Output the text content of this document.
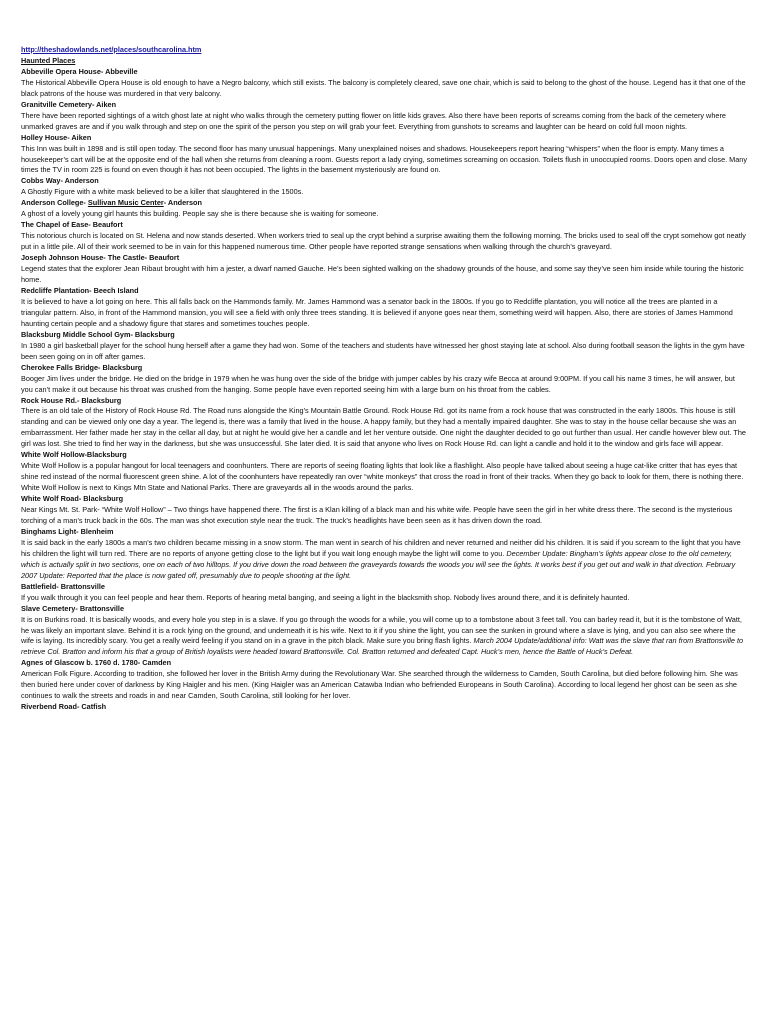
http://theshadowlands.net/places/southcarolina.htm
Haunted Places
Abbeville Opera House- Abbeville

The Historical Abbeville Opera House is old enough to have a Negro balcony, which still exists. The balcony is completely cleared, save one chair, which is said to belong to the ghost of the house. Legend has it that one of the black patrons of the house was murdered in that very balcony.

Granitville Cemetery- Aiken

There have been reported sightings of a witch ghost late at night who walks through the cemetery putting flower on little kids graves. Also there have been reports of screams coming from the back of the cemetery where unmarked graves are and if you walk through and step on one the spirit of the person you step on will grab your feet. Everything from gunshots to screams and laughter can be heard on cold full moon nights.

Holley House- Aiken

This Inn was built in 1898 and is still open today. The second floor has many unusual happenings. Many unexplained noises and shadows. Housekeepers report hearing “whispers” when the floor is empty. Many times a housekeeper’s cart will be at the opposite end of the hall when she returns from cleaning a room. Guests report a lady crying, sometimes screaming on occasion. Toilets flush in unoccupied rooms. Doors open and close. Many times the TV in room 225 is found on even though it has not been occupied. The lights in the basement mysteriously are found on.

Cobbs Way- Anderson

A Ghostly Figure with a white mask believed to be a killer that slaughtered in the 1500s.

Anderson College- Sullivan Music Center- Anderson

A ghost of a lovely young girl haunts this building. People say she is there because she is waiting for someone.

The Chapel of Ease- Beaufort

This notorious church is located on St. Helena and now stands deserted. When workers tried to seal up the crypt behind a surprise awaiting them the following morning. The bricks used to seal off the crypt somehow got neatly put in a little pile. All of their work seemed to be in vain for this happened numerous time. Other people have reported strange sensations when walking through the church’s graveyard.

Joseph Johnson House- The Castle- Beaufort

Legend states that the explorer Jean Ribaut brought with him a jester, a dwarf named Gauche. He’s been sighted walking on the shadowy grounds of the house, and some say they’ve seen him inside while touring the historic home.

Redcliffe Plantation- Beech Island

It is believed to have a lot going on here. This all falls back on the Hammonds family. Mr. James Hammond was a senator back in the 1800s. If you go to Redcliffe plantation, you will notice all the trees are planted in a triangular pattern. Also, in front of the Hammond mansion, you will see a field with only three trees standing. It is believed if anyone goes near them, something weird will happen. Also, there are stories of James Hammond haunting certain people and a shadowy figure that stares and sometimes touches people.

Blacksburg Middle School Gym- Blacksburg

In 1980 a girl basketball player for the school hung herself after a game they had won. Some of the teachers and students have witnessed her ghost staying late at school. Also during football season the lights in the gym have been seen going on in off after games.

Cherokee Falls Bridge- Blacksburg

Booger Jim lives under the bridge. He died on the bridge in 1979 when he was hung over the side of the bridge with jumper cables by his crazy wife Becca at around 9:00PM. If you call his name 3 times, he will answer, but you can’t make it out because his throat was crushed from the hanging. Some people have even reported seeing him with a large burn on his throat from the cables.

Rock House Rd.- Blacksburg

There is an old tale of the History of Rock House Rd. The Road runs alongside the King’s Mountain Battle Ground. Rock House Rd. got its name from a rock house that was constructed in the early 1800s. This house is still standing and can be viewed only one day a year. The legend is, there was a family that lived in the house. A happy family, but they had a mentally impaired daughter. She was to stay in the house cellar because she was an embarrassment. Her father made her stay in the cellar all day, but at night he would give her a candle and let her venture outside. One night the daughter decided to go out further than usual. Her candle however blew out. The girl was lost. She tried to find her way in the darkness, but she was unsuccessful. She later died. It is said that anyone who lives on Rock House Rd. can light a candle and hold it to the window and girls face will appear.

White Wolf Hollow-Blacksburg

White Wolf Hollow is a popular hangout for local teenagers and coonhunters. There are reports of seeing floating lights that look like a flashlight. Also people have talked about seeing a huge cat-like critter that has eyes that shine red instead of the normal fluorescent green shine. A lot of the coonhunters have repeatedly ran over “white monkeys” that cross the road in front of their tracks. When they go back to look for them, there is nothing there. White Wolf Hollow is next to Kings Mtn State and National Parks. There are graveyards all in the woods around the parks.

White Wolf Road- Blacksburg

Near Kings Mt. St. Park- “White Wolf Hollow” – Two things have happened there. The first is a Klan killing of a black man and his white wife. People have seen the girl in her white dress there. The second is the mysterious torching of a man’s truck back in the 60s. The man was shot execution style near the truck. The truck’s headlights have been seen as it has driven down the road.

Binghams Light- Blenheim

It is said back in the early 1800s a man’s two children became missing in a snow storm. The man went in search of his children and never returned and neither did his children. It is said if you scream to the light that you have his children the light will turn red. There are no reports of anyone getting close to the light but if you wait long enough maybe the light will come to you. December Update: Bingham’s lights appear close to the old cemetery, which is actually split in two sections, one on each of two hilltops. If you drive down the road between the graveyards towards the woods you will see the lights. It works best if you get out and walk in that direction. February 2007 Update: Reported that the place is now gated off, presumably due to people shooting at the light.

Battlefield- Brattonsville

If you walk through it you can feel people and hear them. Reports of hearing metal banging, and seeing a light in the blacksmith shop. Nobody lives around there, and it is definitely haunted.

Slave Cemetery- Brattonsville

It is on Burkins road. It is basically woods, and every hole you step in is a slave. If you go through the woods for a while, you will come up to a tombstone about 3 feet tall. You can barley read it, but it is the tombstone of Watt, he was likely an important slave. Behind it is a rock lying on the ground, and underneath it is his wife. Next to it if you shine the light, you can see the sunken in ground where a slave is lying, and you can also see where the wife is laying. Its incredibly scary. You get a really weird feeling if you stand on in a grave in the pitch black. Make sure you bring flash lights. March 2004 Update/additional info: Watt was the slave that ran from Brattonsville to retrieve Col. Bratton and inform his that a group of British loyalists were headed toward Brattonsville. Col. Bratton returned and defeated Capt. Huck’s men, hence the Battle of Huck’s Defeat.

Agnes of Glascow b. 1760 d. 1780- Camden

American Folk Figure. According to tradition, she followed her lover in the British Army during the Revolutionary War. She searched through the wilderness to Camden, South Carolina, but died before following him. She was then buried here under cover of darkness by King Haigler and his men. (King Haigler was an American Catawba Indian who befriended Europeans in South Carolina). According to local legend her ghost can be seen as she continues to walk the streets and roads in and near Camden, South Carolina, still looking for her lover.

Riverbend Road- Catfish
